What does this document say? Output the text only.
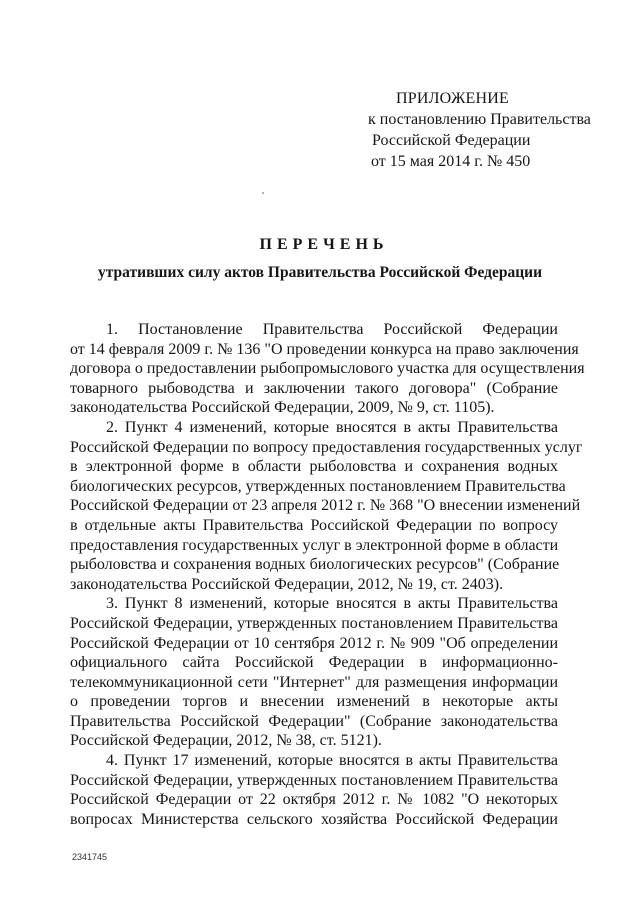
ПРИЛОЖЕНИЕ
к постановлению Правительства
Российской Федерации
от 15 мая 2014 г. № 450
ПЕРЕЧЕНЬ
утративших силу актов Правительства Российской Федерации
1. Постановление Правительства Российской Федерации
от 14 февраля 2009 г. № 136 "О проведении конкурса на право заключения
договора о предоставлении рыбопромыслового участка для осуществления
товарного рыбоводства и заключении такого договора" (Собрание
законодательства Российской Федерации, 2009, № 9, ст. 1105).
2. Пункт 4 изменений, которые вносятся в акты Правительства
Российской Федерации по вопросу предоставления государственных услуг
в электронной форме в области рыболовства и сохранения водных
биологических ресурсов, утвержденных постановлением Правительства
Российской Федерации от 23 апреля 2012 г. № 368 "О внесении изменений
в отдельные акты Правительства Российской Федерации по вопросу
предоставления государственных услуг в электронной форме в области
рыболовства и сохранения водных биологических ресурсов" (Собрание
законодательства Российской Федерации, 2012, № 19, ст. 2403).
3. Пункт 8 изменений, которые вносятся в акты Правительства
Российской Федерации, утвержденных постановлением Правительства
Российской Федерации от 10 сентября 2012 г. № 909 "Об определении
официального сайта Российской Федерации в информационно-
телекоммуникационной сети "Интернет" для размещения информации
о проведении торгов и внесении изменений в некоторые акты
Правительства Российской Федерации" (Собрание законодательства
Российской Федерации, 2012, № 38, ст. 5121).
4. Пункт 17 изменений, которые вносятся в акты Правительства
Российской Федерации, утвержденных постановлением Правительства
Российской Федерации от 22 октября 2012 г. № 1082 "О некоторых
вопросах Министерства сельского хозяйства Российской Федерации
2341745
